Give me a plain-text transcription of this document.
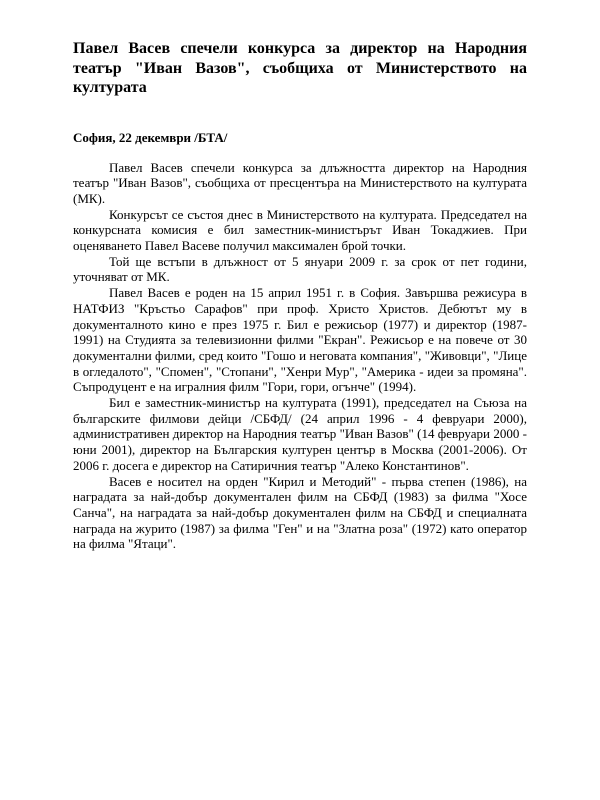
Павел Васев спечели конкурса за директор на Народния театър "Иван Вазов", съобщиха от Министерството на културата
София, 22 декември /БТА/

Павел Васев спечели конкурса за длъжността директор на Народния театър "Иван Вазов", съобщиха от пресцентъра на Министерството на културата (МК).

Конкурсът се състоя днес в Министерството на културата. Председател на конкурсната комисия е бил заместник-министърът Иван Токаджиев. При оценяването Павел Васеве получил максимален брой точки.

Той ще встъпи в длъжност от 5 януари 2009 г. за срок от пет години, уточняват от МК.

Павел Васев е роден на 15 април 1951 г. в София. Завършва режисура в НАТФИЗ "Кръстьо Сарафов" при проф. Христо Христов. Дебютът му в документалното кино е през 1975 г. Бил е режисьор (1977) и директор (1987-1991) на Студията за телевизионни филми "Екран". Режисьор е на повече от 30 документални филми, сред които "Гошо и неговата компания", "Живовци", "Лице в огледалото", "Спомен", "Стопани", "Хенри Мур", "Америка - идеи за промяна". Съпродуцент е на игралния филм "Гори, гори, огънче" (1994).

Бил е заместник-министър на културата (1991), председател на Съюза на българските филмови дейци /СБФД/ (24 април 1996 - 4 февруари 2000), административен директор на Народния театър "Иван Вазов" (14 февруари 2000 - юни 2001), директор на Българския културен център в Москва (2001-2006). От 2006 г. досега е директор на Сатиричния театър "Алеко Константинов".

Васев е носител на орден "Кирил и Методий" - първа степен (1986), на наградата за най-добър документален филм на СБФД (1983) за филма "Хосе Санча", на наградата за най-добър документален филм на СБФД и специалната награда на журито (1987) за филма "Ген" и на "Златна роза" (1972) като оператор на филма "Ятаци".
